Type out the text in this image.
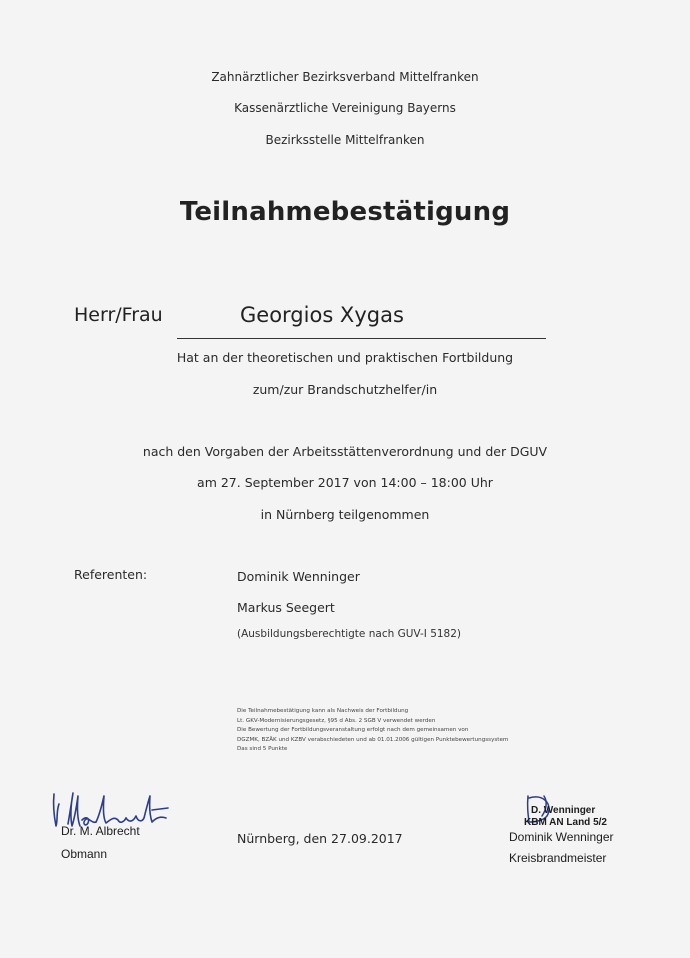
Zahnärztlicher Bezirksverband Mittelfranken
Kassenärztliche Vereinigung Bayerns
Bezirksstelle Mittelfranken
Teilnahmebestätigung
Herr/Frau	Georgios Xygas
Hat an der theoretischen und praktischen Fortbildung
zum/zur Brandschutzhelfer/in
nach den Vorgaben der Arbeitsstättenverordnung und der DGUV
am 27. September 2017 von 14:00 – 18:00 Uhr
in Nürnberg teilgenommen
Referenten:	Dominik Wenninger
Markus Seegert
(Ausbildungsberechtigte nach GUV-I 5182)
Die Teilnahmebestätigung kann als Nachweis der Fortbildung
Lt. GKV-Modernisierungsgesetz, §95 d Abs. 2 SGB V verwendet werden
Die Bewertung der Fortbildungsveranstaltung erfolgt nach dem gemeinsamen von
DGZMK, BZÄK und KZBV verabschiedeten und ab 01.01.2006 gültigen Punktebewertungssystem
Das sind 5 Punkte
Dr. M. Albrecht
Obmann
Nürnberg, den 27.09.2017
D. Wenninger
KBM AN Land 5/2
Dominik Wenninger
Kreisbrandmeister
